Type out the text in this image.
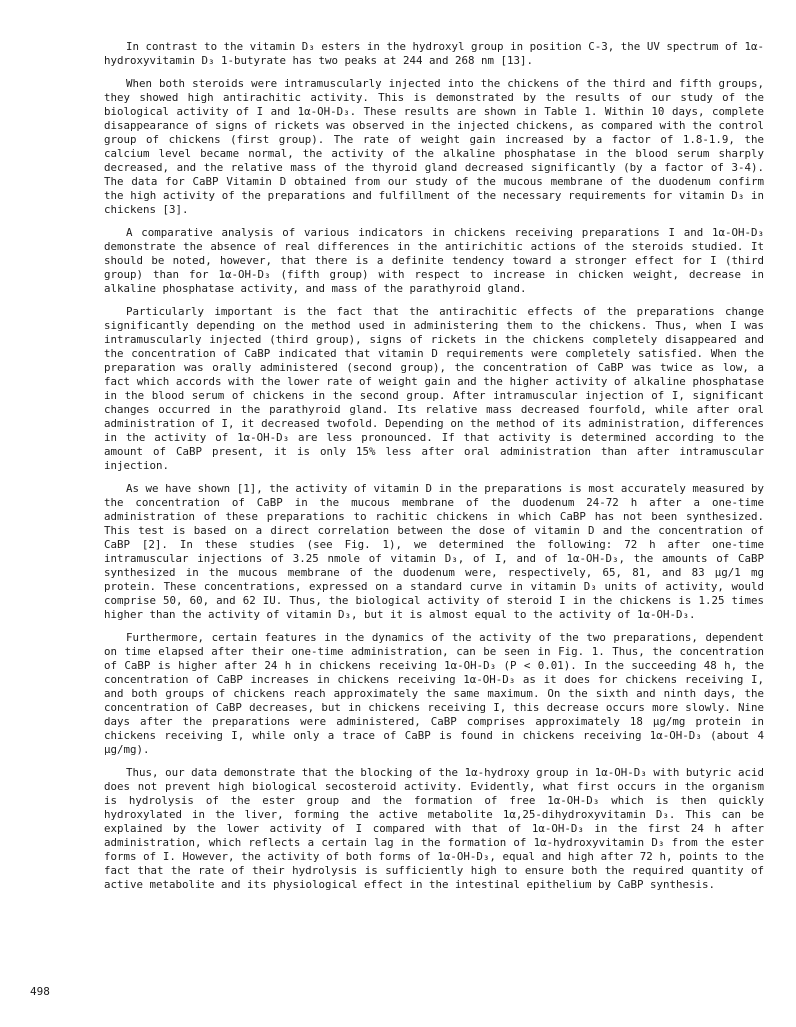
In contrast to the vitamin D₃ esters in the hydroxyl group in position C-3, the UV spectrum of 1α-hydroxyvitamin D₃ 1-butyrate has two peaks at 244 and 268 nm [13].

When both steroids were intramuscularly injected into the chickens of the third and fifth groups, they showed high antirachitic activity. This is demonstrated by the results of our study of the biological activity of I and 1α-OH-D₃. These results are shown in Table 1. Within 10 days, complete disappearance of signs of rickets was observed in the injected chickens, as compared with the control group of chickens (first group). The rate of weight gain increased by a factor of 1.8-1.9, the calcium level became normal, the activity of the alkaline phosphatase in the blood serum sharply decreased, and the relative mass of the thyroid gland decreased significantly (by a factor of 3-4). The data for CaBP Vitamin D obtained from our study of the mucous membrane of the duodenum confirm the high activity of the preparations and fulfillment of the necessary requirements for vitamin D₃ in chickens [3].

A comparative analysis of various indicators in chickens receiving preparations I and 1α-OH-D₃ demonstrate the absence of real differences in the antirichitic actions of the steroids studied. It should be noted, however, that there is a definite tendency toward a stronger effect for I (third group) than for 1α-OH-D₃ (fifth group) with respect to increase in chicken weight, decrease in alkaline phosphatase activity, and mass of the parathyroid gland.

Particularly important is the fact that the antirachitic effects of the preparations change significantly depending on the method used in administering them to the chickens. Thus, when I was intramuscularly injected (third group), signs of rickets in the chickens completely disappeared and the concentration of CaBP indicated that vitamin D requirements were completely satisfied. When the preparation was orally administered (second group), the concentration of CaBP was twice as low, a fact which accords with the lower rate of weight gain and the higher activity of alkaline phosphatase in the blood serum of chickens in the second group. After intramuscular injection of I, significant changes occurred in the parathyroid gland. Its relative mass decreased fourfold, while after oral administration of I, it decreased twofold. Depending on the method of its administration, differences in the activity of 1α-OH-D₃ are less pronounced. If that activity is determined according to the amount of CaBP present, it is only 15% less after oral administration than after intramuscular injection.

As we have shown [1], the activity of vitamin D in the preparations is most accurately measured by the concentration of CaBP in the mucous membrane of the duodenum 24-72 h after a one-time administration of these preparations to rachitic chickens in which CaBP has not been synthesized. This test is based on a direct correlation between the dose of vitamin D and the concentration of CaBP [2]. In these studies (see Fig. 1), we determined the following: 72 h after one-time intramuscular injections of 3.25 nmole of vitamin D₃, of I, and of 1α-OH-D₃, the amounts of CaBP synthesized in the mucous membrane of the duodenum were, respectively, 65, 81, and 83 μg/1 mg protein. These concentrations, expressed on a standard curve in vitamin D₃ units of activity, would comprise 50, 60, and 62 IU. Thus, the biological activity of steroid I in the chickens is 1.25 times higher than the activity of vitamin D₃, but it is almost equal to the activity of 1α-OH-D₃.

Furthermore, certain features in the dynamics of the activity of the two preparations, dependent on time elapsed after their one-time administration, can be seen in Fig. 1. Thus, the concentration of CaBP is higher after 24 h in chickens receiving 1α-OH-D₃ (P < 0.01). In the succeeding 48 h, the concentration of CaBP increases in chickens receiving 1α-OH-D₃ as it does for chickens receiving I, and both groups of chickens reach approximately the same maximum. On the sixth and ninth days, the concentration of CaBP decreases, but in chickens receiving I, this decrease occurs more slowly. Nine days after the preparations were administered, CaBP comprises approximately 18 μg/mg protein in chickens receiving I, while only a trace of CaBP is found in chickens receiving 1α-OH-D₃ (about 4 μg/mg).

Thus, our data demonstrate that the blocking of the 1α-hydroxy group in 1α-OH-D₃ with butyric acid does not prevent high biological secosteroid activity. Evidently, what first occurs in the organism is hydrolysis of the ester group and the formation of free 1α-OH-D₃ which is then quickly hydroxylated in the liver, forming the active metabolite 1α,25-dihydroxyvitamin D₃. This can be explained by the lower activity of I compared with that of 1α-OH-D₃ in the first 24 h after administration, which reflects a certain lag in the formation of 1α-hydroxyvitamin D₃ from the ester forms of I. However, the activity of both forms of 1α-OH-D₃, equal and high after 72 h, points to the fact that the rate of their hydrolysis is sufficiently high to ensure both the required quantity of active metabolite and its physiological effect in the intestinal epithelium by CaBP synthesis.

498
